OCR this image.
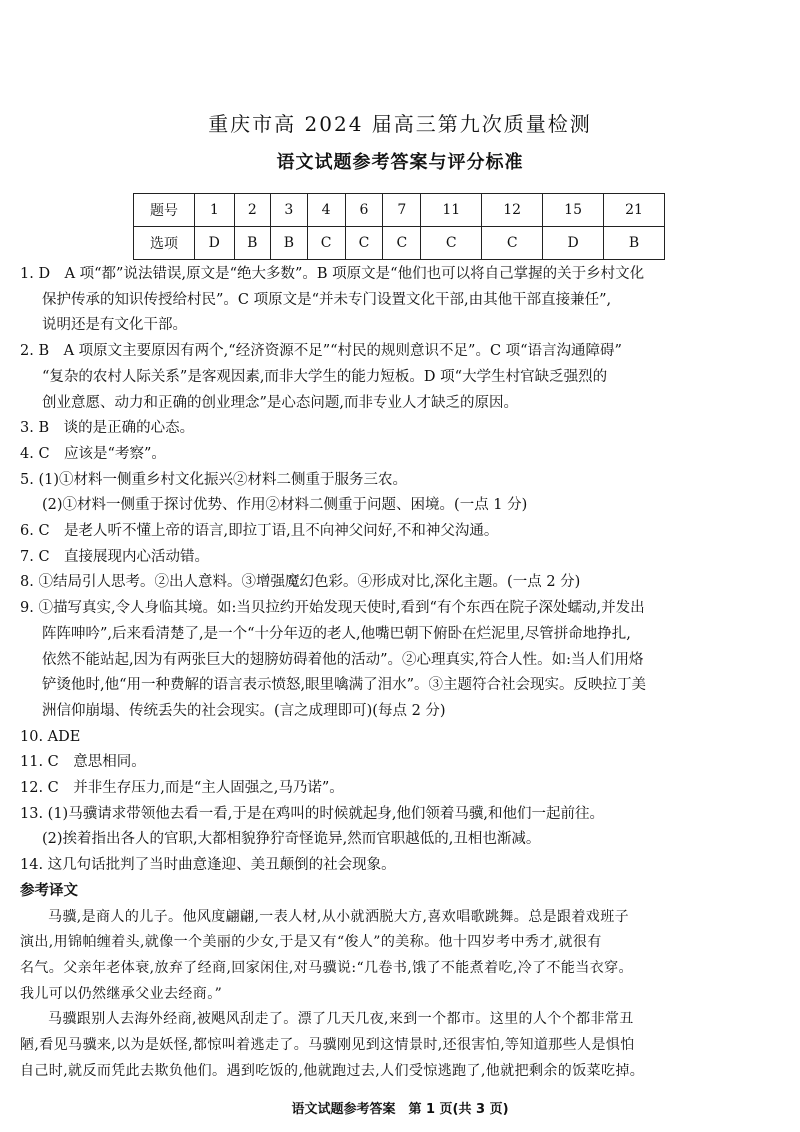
重庆市高 2024 届高三第九次质量检测
语文试题参考答案与评分标准
题号	1	2	3	4	6	7	11	12	15	21
选项	D	B	B	C	C	C	C	C	D	B
1. D　A 项“都”说法错误,原文是“绝大多数”。B 项原文是“他们也可以将自己掌握的关于乡村文化
保护传承的知识传授给村民”。C 项原文是“并未专门设置文化干部,由其他干部直接兼任”,
说明还是有文化干部。
2. B　A 项原文主要原因有两个,“经济资源不足”“村民的规则意识不足”。C 项“语言沟通障碍”
“复杂的农村人际关系”是客观因素,而非大学生的能力短板。D 项“大学生村官缺乏强烈的
创业意愿、动力和正确的创业理念”是心态问题,而非专业人才缺乏的原因。
3. B　谈的是正确的心态。
4. C　应该是“考察”。
5. (1)①材料一侧重乡村文化振兴②材料二侧重于服务三农。
(2)①材料一侧重于探讨优势、作用②材料二侧重于问题、困境。(一点 1 分)
6. C　是老人听不懂上帝的语言,即拉丁语,且不向神父问好,不和神父沟通。
7. C　直接展现内心活动错。
8. ①结局引人思考。②出人意料。③增强魔幻色彩。④形成对比,深化主题。(一点 2 分)
9. ①描写真实,令人身临其境。如:当贝拉约开始发现天使时,看到“有个东西在院子深处蠕动,并发出
阵阵呻吟”,后来看清楚了,是一个“十分年迈的老人,他嘴巴朝下俯卧在烂泥里,尽管拼命地挣扎,
依然不能站起,因为有两张巨大的翅膀妨碍着他的活动”。②心理真实,符合人性。如:当人们用烙
铲烫他时,他“用一种费解的语言表示愤怒,眼里噙满了泪水”。③主题符合社会现实。反映拉丁美
洲信仰崩塌、传统丢失的社会现实。(言之成理即可)(每点 2 分)
10. ADE
11. C　意思相同。
12. C　并非生存压力,而是“主人固强之,马乃诺”。
13. (1)马骥请求带领他去看一看,于是在鸡叫的时候就起身,他们领着马骥,和他们一起前往。
(2)挨着指出各人的官职,大都相貌狰狞奇怪诡异,然而官职越低的,丑相也渐减。
14. 这几句话批判了当时曲意逢迎、美丑颠倒的社会现象。
参考译文
马骥,是商人的儿子。他风度翩翩,一表人材,从小就洒脱大方,喜欢唱歌跳舞。总是跟着戏班子
演出,用锦帕缠着头,就像一个美丽的少女,于是又有“俊人”的美称。他十四岁考中秀才,就很有
名气。父亲年老体衰,放弃了经商,回家闲住,对马骥说:“几卷书,饿了不能煮着吃,冷了不能当衣穿。
我儿可以仍然继承父业去经商。”
马骥跟别人去海外经商,被飓风刮走了。漂了几天几夜,来到一个都市。这里的人个个都非常丑
陋,看见马骥来,以为是妖怪,都惊叫着逃走了。马骥刚见到这情景时,还很害怕,等知道那些人是惧怕
自己时,就反而凭此去欺负他们。遇到吃饭的,他就跑过去,人们受惊逃跑了,他就把剩余的饭菜吃掉。
语文试题参考答案　第 1 页(共 3 页)
